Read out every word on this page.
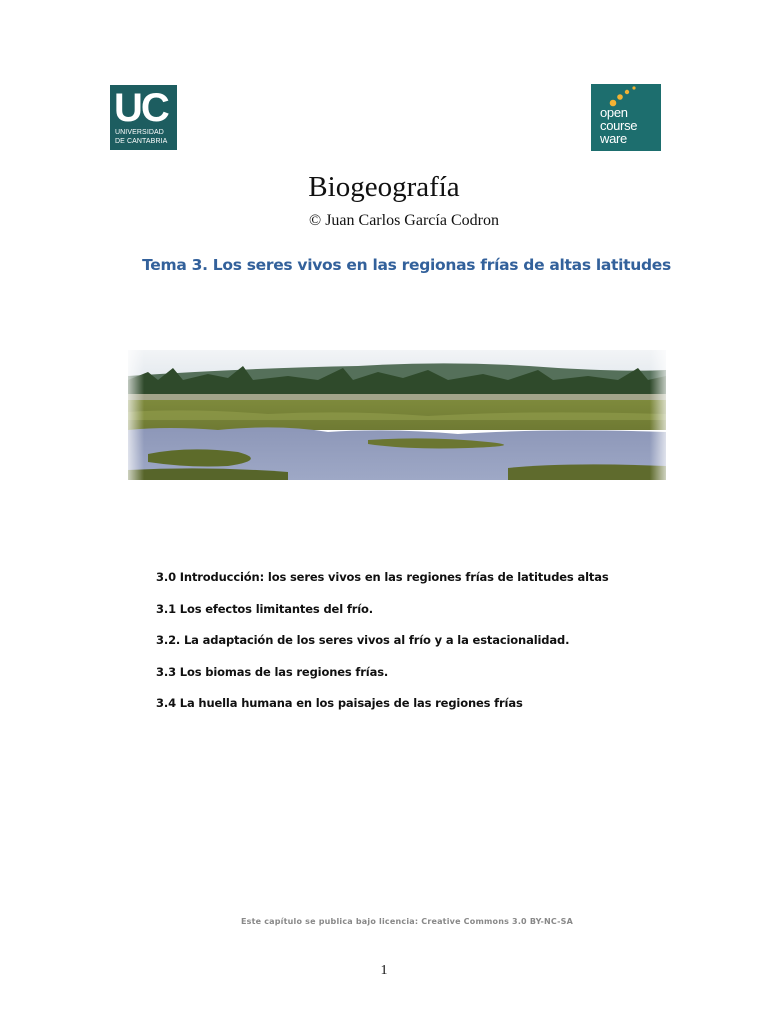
UC
UNIVERSIDAD
DE CANTABRIA
open
course
ware
Biogeografía
© Juan Carlos García Codron
Tema 3. Los seres vivos en las regionas frías de altas latitudes
3.0 Introducción: los seres vivos en las regiones frías de latitudes altas
3.1 Los efectos limitantes del frío.
3.2. La adaptación de los seres vivos al frío y a la estacionalidad.
3.3 Los biomas de las regiones frías.
3.4 La huella humana en los paisajes de las regiones frías
Este capítulo se publica bajo licencia: Creative Commons 3.0 BY-NC-SA
1
